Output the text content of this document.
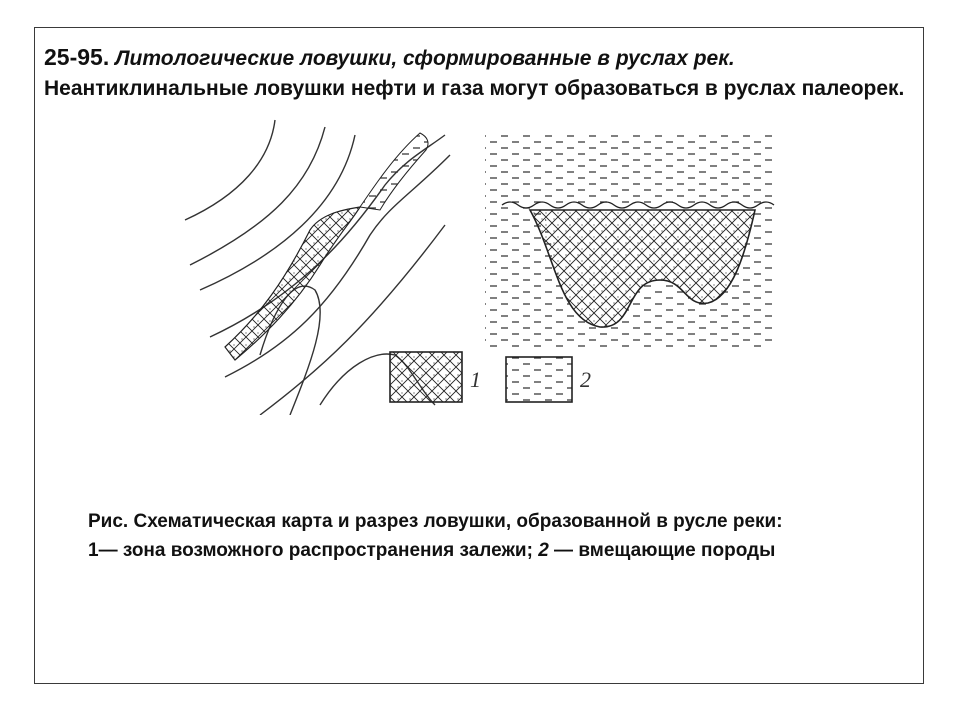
25-95. Литологические ловушки, сформированные в руслах рек.
Неантиклинальные ловушки нефти и газа могут образоваться в руслах палеорек.
1	2
Рис. Схематическая карта и разрез ловушки, образованной в русле реки:
1— зона возможного распространения залежи; 2 — вмещающие породы
